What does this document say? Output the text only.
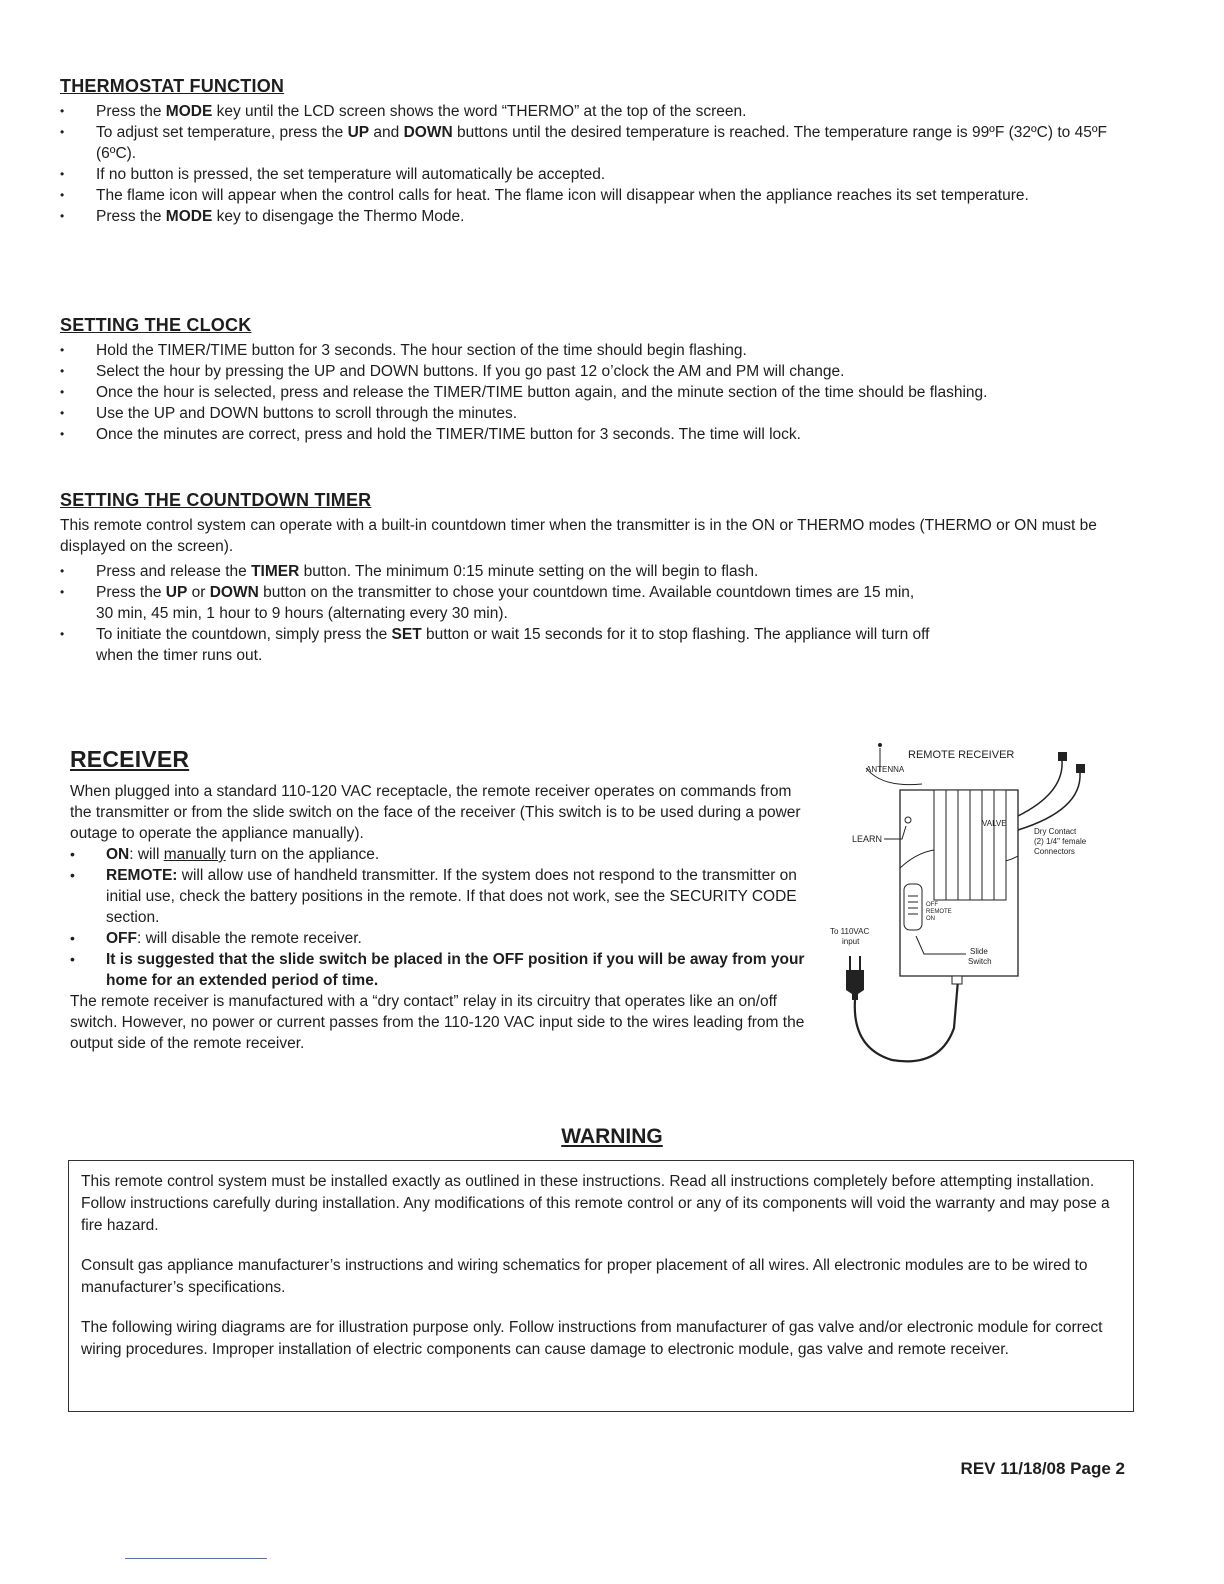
THERMOSTAT FUNCTION
• Press the MODE key until the LCD screen shows the word “THERMO” at the top of the screen.
• To adjust set temperature, press the UP and DOWN buttons until the desired temperature is reached. The temperature range is 99ºF (32ºC) to 45ºF (6ºC).
• If no button is pressed, the set temperature will automatically be accepted.
• The flame icon will appear when the control calls for heat. The flame icon will disappear when the appliance reaches its set temperature.
• Press the MODE key to disengage the Thermo Mode.
SETTING THE CLOCK
• Hold the TIMER/TIME button for 3 seconds. The hour section of the time should begin flashing.
• Select the hour by pressing the UP and DOWN buttons. If you go past 12 o’clock the AM and PM will change.
• Once the hour is selected, press and release the TIMER/TIME button again, and the minute section of the time should be flashing.
• Use the UP and DOWN buttons to scroll through the minutes.
• Once the minutes are correct, press and hold the TIMER/TIME button for 3 seconds. The time will lock.
SETTING THE COUNTDOWN TIMER

This remote control system can operate with a built-in countdown timer when the transmitter is in the ON or THERMO modes (THERMO or ON must be displayed on the screen).

• Press and release the TIMER button. The minimum 0:15 minute setting on the will begin to flash.
• Press the UP or DOWN button on the transmitter to chose your countdown time. Available countdown times are 15 min, 30 min, 45 min, 1 hour to 9 hours (alternating every 30 min).
• To initiate the countdown, simply press the SET button or wait 15 seconds for it to stop flashing. The appliance will turn off when the timer runs out.
RECEIVER

When plugged into a standard 110-120 VAC receptacle, the remote receiver operates on commands from the transmitter or from the slide switch on the face of the receiver (This switch is to be used during a power outage to operate the appliance manually).

• ON: will manually turn on the appliance.
• REMOTE: will allow use of handheld transmitter. If the system does not respond to the transmitter on initial use, check the battery positions in the remote. If that does not work, see the SECURITY CODE section.
• OFF: will disable the remote receiver.
• It is suggested that the slide switch be placed in the OFF position if you will be away from your home for an extended period of time.

The remote receiver is manufactured with a “dry contact” relay in its circuitry that operates like an on/off switch. However, no power or current passes from the 110-120 VAC input side to the wires leading from the output side of the remote receiver.

ANTENNA
REMOTE RECEIVER
Dry Contact
(2) 1/4" female
Connectors
VALVE
LEARN
OFF
REMOTE
ON
Slide
Switch
To 110VAC
input
WARNING

This remote control system must be installed exactly as outlined in these instructions. Read all instructions completely before attempting installation. Follow instructions carefully during installation. Any modifications of this remote control or any of its components will void the warranty and may pose a fire hazard.

Consult gas appliance manufacturer’s instructions and wiring schematics for proper placement of all wires. All electronic modules are to be wired to manufacturer’s specifications.

The following wiring diagrams are for illustration purpose only. Follow instructions from manufacturer of gas valve and/or electronic module for correct wiring procedures. Improper installation of electric components can cause damage to electronic module, gas valve and remote receiver.

REV 11/18/08 Page 2
